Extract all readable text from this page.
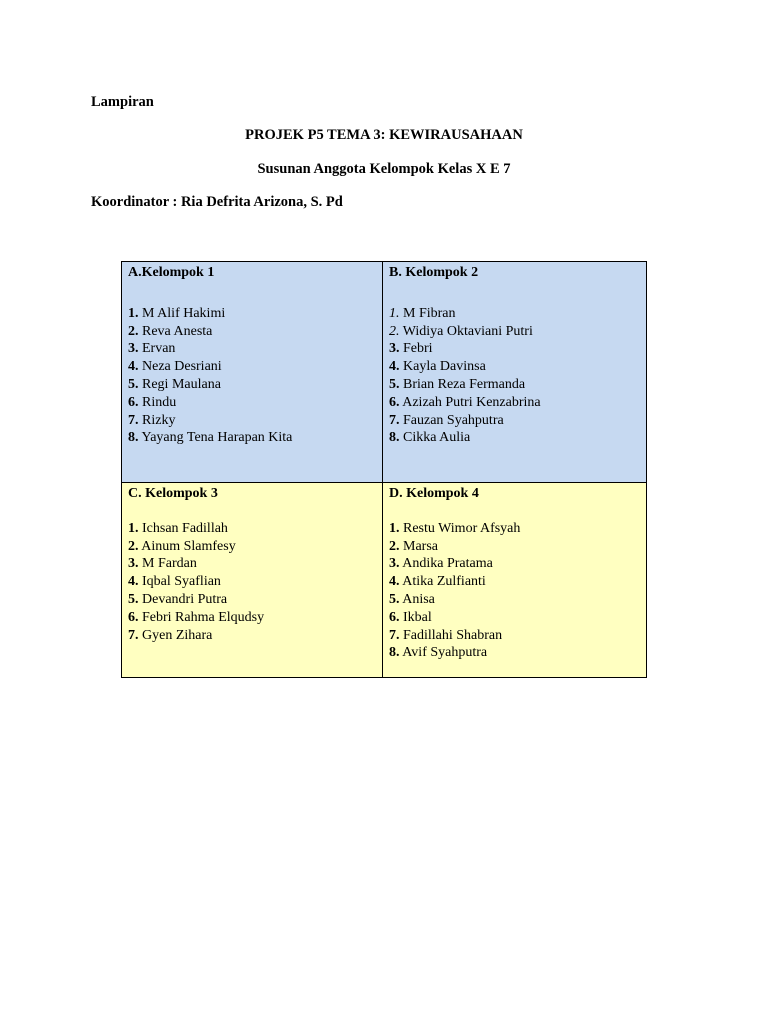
Lampiran
PROJEK P5 TEMA 3: KEWIRAUSAHAAN
Susunan Anggota Kelompok Kelas X E 7
Koordinator : Ria Defrita Arizona, S. Pd
A.Kelompok 1
1. M Alif Hakimi
2. Reva Anesta
3. Ervan
4. Neza Desriani
5. Regi Maulana
6. Rindu
7. Rizky
8. Yayang Tena Harapan Kita
B. Kelompok 2
1. M Fibran
2. Widiya Oktaviani Putri
3. Febri
4. Kayla Davinsa
5. Brian Reza Fermanda
6. Azizah Putri Kenzabrina
7. Fauzan Syahputra
8. Cikka Aulia
C. Kelompok 3
1. Ichsan Fadillah
2. Ainum Slamfesy
3. M Fardan
4. Iqbal Syaflian
5. Devandri Putra
6. Febri Rahma Elqudsy
7. Gyen Zihara
D. Kelompok 4
1. Restu Wimor Afsyah
2. Marsa
3. Andika Pratama
4. Atika Zulfianti
5. Anisa
6. Ikbal
7. Fadillahi Shabran
8. Avif Syahputra
